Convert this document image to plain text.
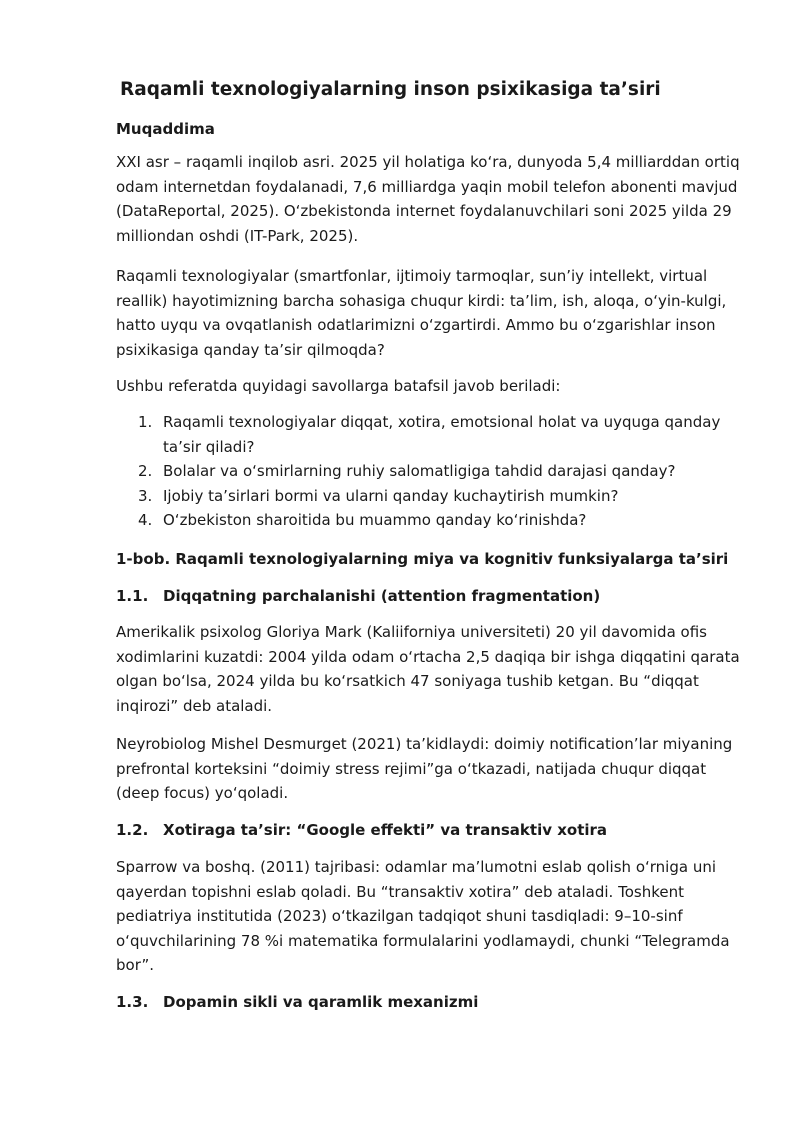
Raqamli texnologiyalarning inson psixikasiga ta’siri
Muqaddima

XXI asr – raqamli inqilob asri. 2025 yil holatiga ko‘ra, dunyoda 5,4 milliarddan ortiq odam internetdan foydalanadi, 7,6 milliardga yaqin mobil telefon abonenti mavjud (DataReportal, 2025). O‘zbekistonda internet foydalanuvchilari soni 2025 yilda 29 milliondan oshdi (IT-Park, 2025).

Raqamli texnologiyalar (smartfonlar, ijtimoiy tarmoqlar, sun’iy intellekt, virtual reallik) hayotimizning barcha sohasiga chuqur kirdi: ta’lim, ish, aloqa, o‘yin-kulgi, hatto uyqu va ovqatlanish odatlarimizni o‘zgartirdi. Ammo bu o‘zgarishlar inson psixikasiga qanday ta’sir qilmoqda?

Ushbu referatda quyidagi savollarga batafsil javob beriladi:

1. Raqamli texnologiyalar diqqat, xotira, emotsional holat va uyquga qanday ta’sir qiladi?
2. Bolalar va o‘smirlarning ruhiy salomatligiga tahdid darajasi qanday?
3. Ijobiy ta’sirlari bormi va ularni qanday kuchaytirish mumkin?
4. O‘zbekiston sharoitida bu muammo qanday ko‘rinishda?
1-bob. Raqamli texnologiyalarning miya va kognitiv funksiyalarga ta’siri
1.1. Diqqatning parchalanishi (attention fragmentation)

Amerikalik psixolog Gloriya Mark (Kaliiforniya universiteti) 20 yil davomida ofis xodimlarini kuzatdi: 2004 yilda odam o‘rtacha 2,5 daqiqa bir ishga diqqatini qarata olgan bo‘lsa, 2024 yilda bu ko‘rsatkich 47 soniyaga tushib ketgan. Bu “diqqat inqirozi” deb ataladi.

Neyrobiolog Mishel Desmurget (2021) ta’kidlaydi: doimiy notification’lar miyaning prefrontal korteksini “doimiy stress rejimi”ga o‘tkazadi, natijada chuqur diqqat (deep focus) yo‘qoladi.

1.2. Xotiraga ta’sir: “Google effekti” va transaktiv xotira

Sparrow va boshq. (2011) tajribasi: odamlar ma’lumotni eslab qolish o‘rniga uni qayerdan topishni eslab qoladi. Bu “transaktiv xotira” deb ataladi. Toshkent pediatriya institutida (2023) o‘tkazilgan tadqiqot shuni tasdiqladi: 9–10-sinf o‘quvchilarining 78 %i matematika formulalarini yodlamaydi, chunki “Telegramda bor”.

1.3. Dopamin sikli va qaramlik mexanizmi
